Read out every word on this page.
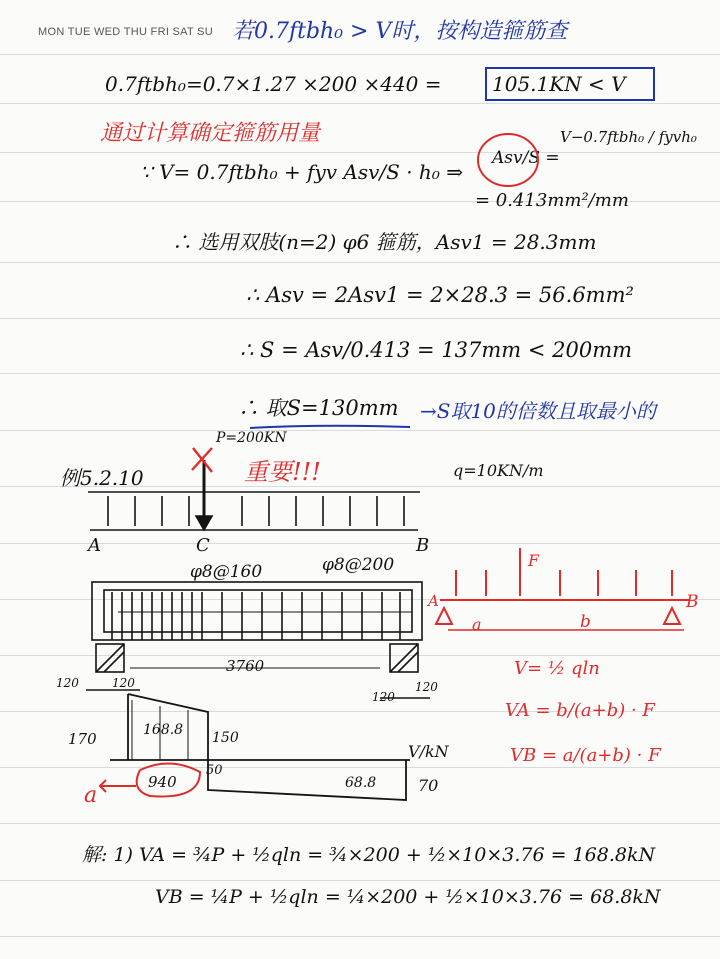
MON TUE WED THU FRI SAT SU 若0.7ftbh₀ > V时，按构造箍筋查
0.7ftbh₀=0.7×1.27 ×200 ×440 =	105.1KN < V
通过计算确定箍筋用量
∵ V= 0.7ftbh₀ + fyv Asv/S · h₀ ⇒
Asv/S =
V−0.7ftbh₀ / fyvh₀
= 0.413mm²/mm
∴ 选用双肢(n=2) φ6 箍筋，Asv1 = 28.3mm
∴ Asv = 2Asv1 = 2×28.3 = 56.6mm²
∴ S = Asv/0.413 = 137mm < 200mm
∴ 取S=130mm →S取10的倍数且取最小的
例5.2.10
P=200KN
重要!!!	q=10KN/m
A	C	B
φ8@160	φ8@200
3760
120	120
120
120
170	168.8 150
50
68.8	70
V/kN
a
940
F
A	B
a	b
V= ½ qln
VA = b/(a+b) · F
VB = a/(a+b) · F
解: 1) VA = ¾P + ½qln = ¾×200 + ½×10×3.76 = 168.8kN
VB = ¼P + ½qln = ¼×200 + ½×10×3.76 = 68.8kN
